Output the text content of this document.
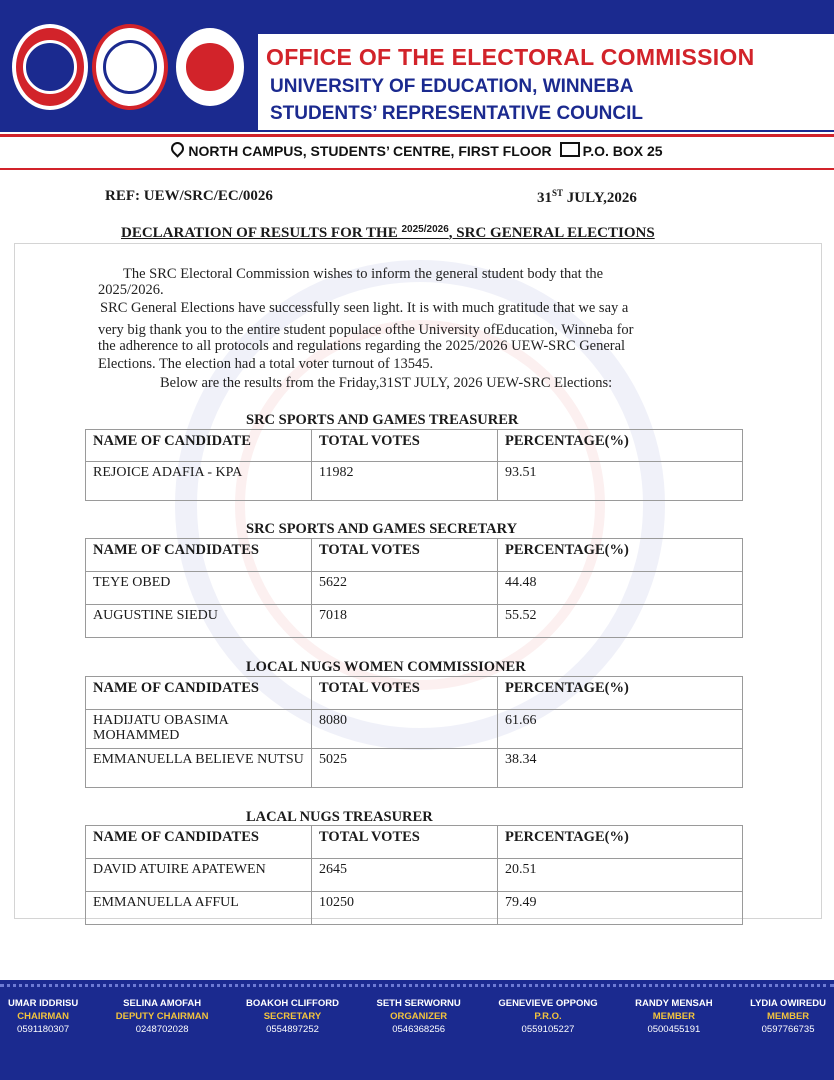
OFFICE OF THE ELECTORAL COMMISSION
UNIVERSITY OF EDUCATION, WINNEBA
STUDENTS’ REPRESENTATIVE COUNCIL
NORTH CAMPUS, STUDENTS’ CENTRE, FIRST FLOOR P.O. BOX 25
REF: UEW/SRC/EC/0026	31ST JULY,2026
DECLARATION OF RESULTS FOR THE $^{2025/2026}$, SRC GENERAL ELECTIONS
The SRC Electoral Commission wishes to inform the general student body that the
2025/2026.
SRC General Elections have successfully seen light. It is with much gratitude that we say a
very big thank you to the entire student populace ofthe University ofEducation, Winneba for
the adherence to all protocols and regulations regarding the 2025/2026 UEW-SRC General
Elections. The election had a total voter turnout of 13545.
Below are the results from the Friday,31ST JULY, 2026 UEW-SRC Elections:
SRC SPORTS AND GAMES TREASURER
NAME OF CANDIDATE	TOTAL VOTES	PERCENTAGE(%)
REJOICE ADAFIA - KPA	11982	93.51
SRC SPORTS AND GAMES SECRETARY
NAME OF CANDIDATES	TOTAL VOTES	PERCENTAGE(%)
TEYE OBED	5622	44.48
AUGUSTINE SIEDU	7018	55.52
LOCAL NUGS WOMEN COMMISSIONER
NAME OF CANDIDATES	TOTAL VOTES	PERCENTAGE(%)
HADIJATU OBASIMA MOHAMMED	8080	61.66
EMMANUELLA BELIEVE NUTSU	5025	38.34
LACAL NUGS TREASURER
NAME OF CANDIDATES	TOTAL VOTES	PERCENTAGE(%)
DAVID ATUIRE APATEWEN	2645	20.51
EMMANUELLA AFFUL	10250	79.49
UMAR IDDRISU
CHAIRMAN
0591180307
SELINA AMOFAH
DEPUTY CHAIRMAN
0248702028
BOAKOH CLIFFORD
SECRETARY
0554897252
SETH SERWORNU
ORGANIZER
0546368256
GENEVIEVE OPPONG
P.R.O.
0559105227
RANDY MENSAH
MEMBER
0500455191
LYDIA OWIREDU
MEMBER
0597766735
